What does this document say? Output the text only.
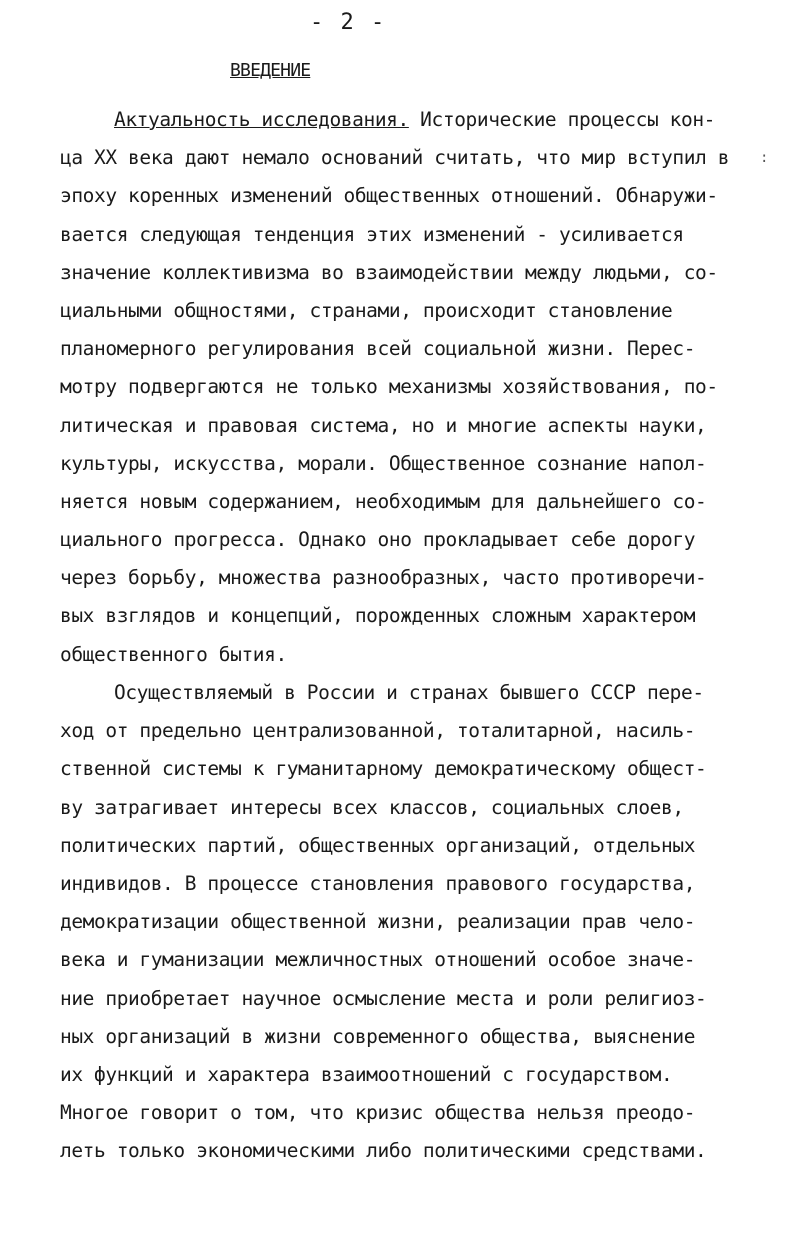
- 2 -
ВВЕДЕНИЕ
:
Актуальность исследования. Исторические процессы кон-
ца XX века дают немало оснований считать, что мир вступил в
эпоху коренных изменений общественных отношений. Обнаружи-
вается следующая тенденция этих изменений - усиливается
значение коллективизма во взаимодействии между людьми, со-
циальными общностями, странами, происходит становление
планомерного регулирования всей социальной жизни. Перес-
мотру подвергаются не только механизмы хозяйствования, по-
литическая и правовая система, но и многие аспекты науки,
культуры, искусства, морали. Общественное сознание напол-
няется новым содержанием, необходимым для дальнейшего со-
циального прогресса. Однако оно прокладывает себе дорогу
через борьбу, множества разнообразных, часто противоречи-
вых взглядов и концепций, порожденных сложным характером
общественного бытия.
Осуществляемый в России и странах бывшего СССР пере-
ход от предельно централизованной, тоталитарной, насиль-
ственной системы к гуманитарному демократическому общест-
ву затрагивает интересы всех классов, социальных слоев,
политических партий, общественных организаций, отдельных
индивидов. В процессе становления правового государства,
демократизации общественной жизни, реализации прав чело-
века и гуманизации межличностных отношений особое значе-
ние приобретает научное осмысление места и роли религиоз-
ных организаций в жизни современного общества, выяснение
их функций и характера взаимоотношений с государством.
Многое говорит о том, что кризис общества нельзя преодо-
леть только экономическими либо политическими средствами.
